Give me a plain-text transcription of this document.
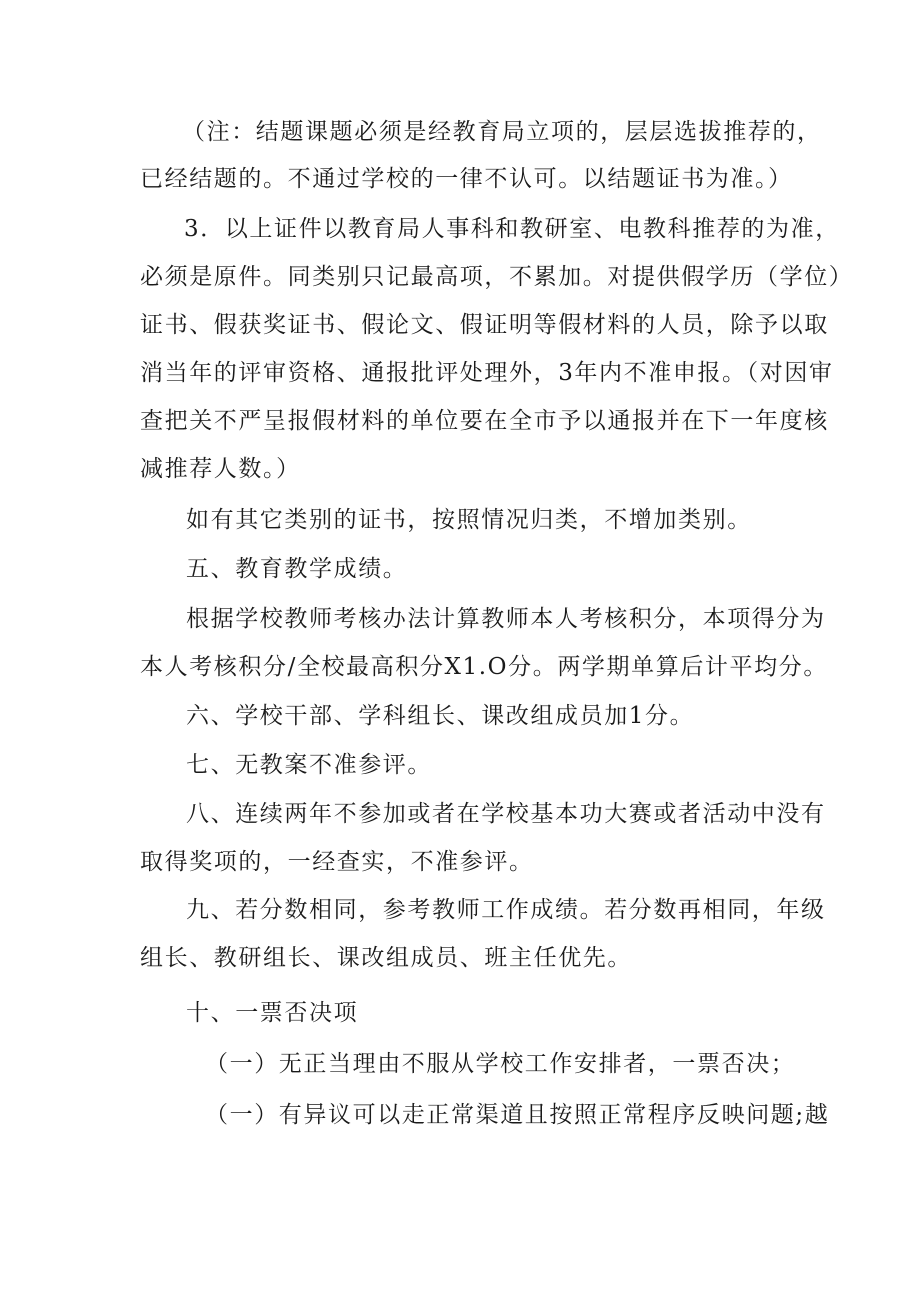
（注：结题课题必须是经教育局立项的，层层选拔推荐的，
已经结题的。不通过学校的一律不认可。以结题证书为准。）
3．以上证件以教育局人事科和教研室、电教科推荐的为准，
必须是原件。同类别只记最高项，不累加。对提供假学历（学位）
证书、假获奖证书、假论文、假证明等假材料的人员，除予以取
消当年的评审资格、通报批评处理外，3年内不准申报。（对因审
查把关不严呈报假材料的单位要在全市予以通报并在下一年度核
减推荐人数。）
如有其它类别的证书，按照情况归类，不增加类别。
五、教育教学成绩。
根据学校教师考核办法计算教师本人考核积分，本项得分为
本人考核积分/全校最高积分X1.O分。两学期单算后计平均分。
六、学校干部、学科组长、课改组成员加1分。
七、无教案不准参评。
八、连续两年不参加或者在学校基本功大赛或者活动中没有
取得奖项的，一经查实，不准参评。
九、若分数相同，参考教师工作成绩。若分数再相同，年级
组长、教研组长、课改组成员、班主任优先。
十、一票否决项
（一）无正当理由不服从学校工作安排者，一票否决；
（一）有异议可以走正常渠道且按照正常程序反映问题;越
